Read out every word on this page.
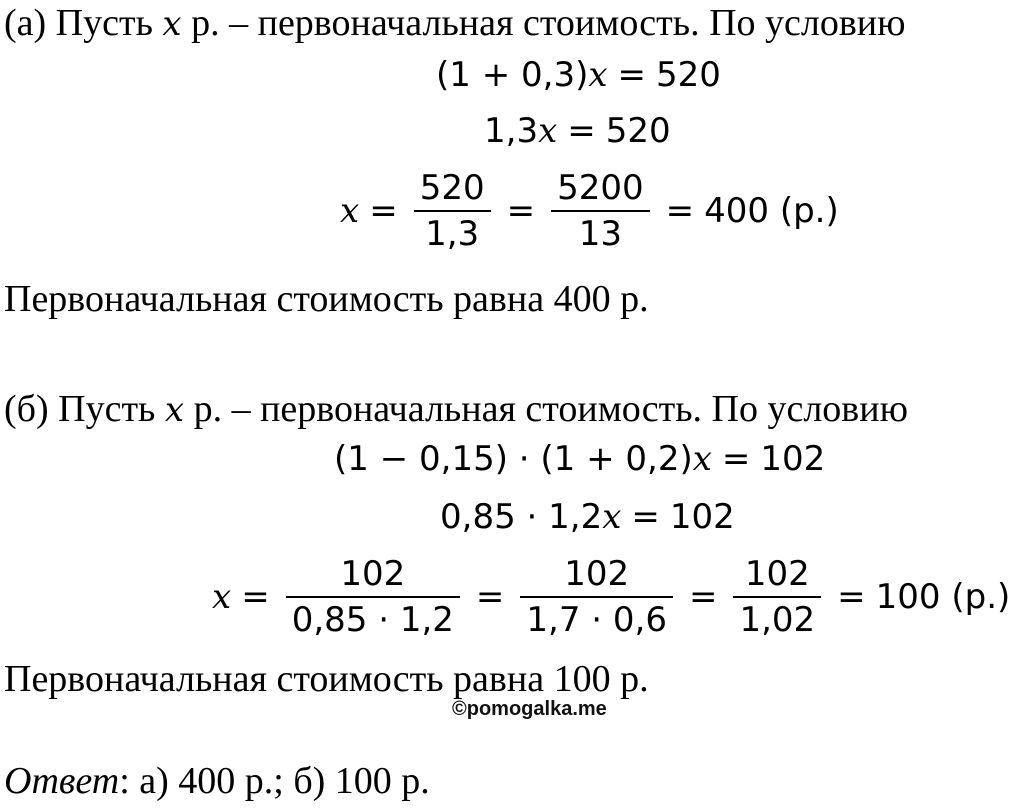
(а) Пусть x р. – первоначальная стоимость. По условию
(1 + 0,3) x = 520
1,3 x = 520
$x = \frac{520}{1,3} = \frac{5200}{13} = 400$ (р.)
Первоначальная стоимость равна 400 р.
(б) Пусть x р. – первоначальная стоимость. По условию
(1 − 0,15) · (1 + 0,2) x = 102
0,85 · 1,2 x = 102
$x = \frac{102}{0,85 \cdot 1,2} = \frac{102}{1,7 \cdot 0,6} = \frac{102}{1,02} = 100$ (р.)
Первоначальная стоимость равна 100 р.
©pomogalka.me
Ответ: а) 400 р.; б) 100 р.
